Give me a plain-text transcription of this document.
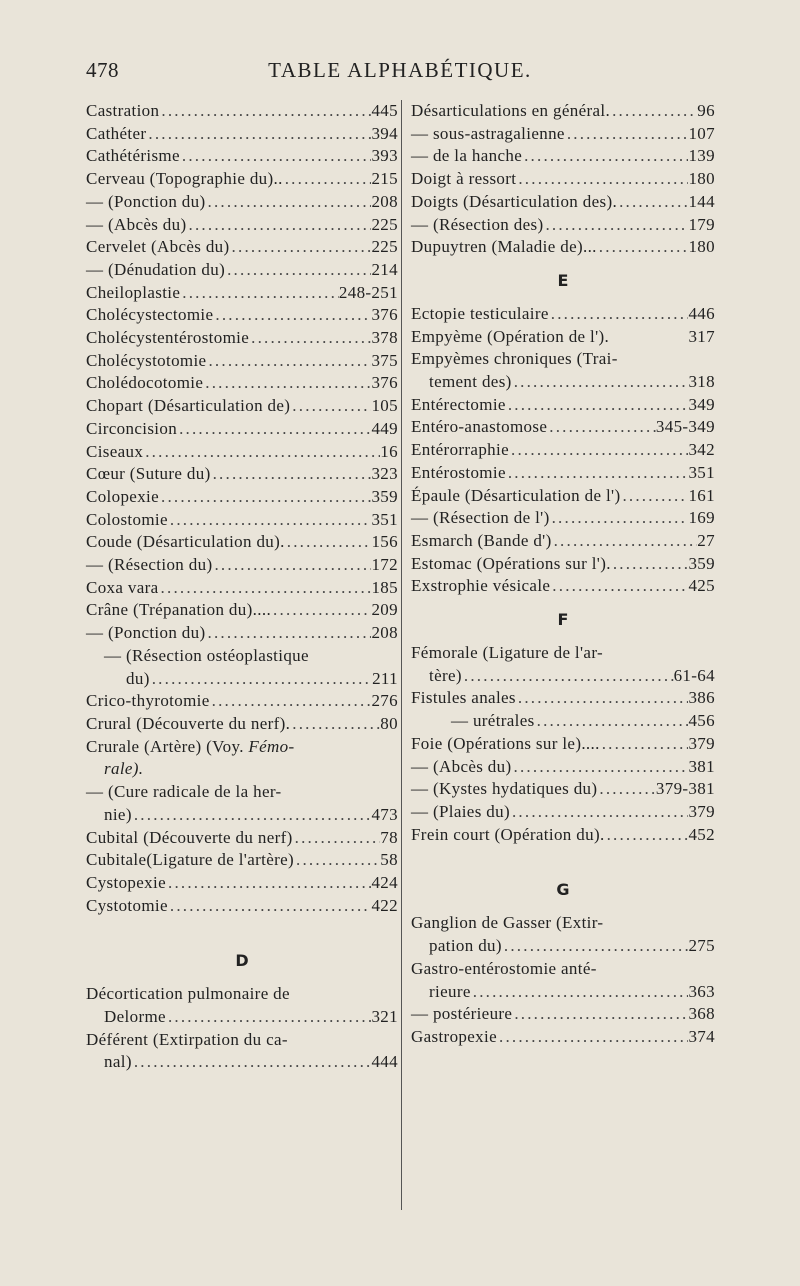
478	TABLE ALPHABÉTIQUE.
Castration .....	445
Cathéter .....	394
Cathétérisme .....	393
Cerveau (Topographie du).. .....	215
— (Ponction du) .....	208
— (Abcès du) .....	225
Cervelet (Abcès du) .....	225
— (Dénudation du) .....	214
Cheiloplastie .....	248-251
Cholécystectomie .....	376
Cholécystentérostomie .....	378
Cholécystotomie .....	375
Cholédocotomie .....	376
Chopart (Désarticulation de) .....	105
Circoncision .....	449
Ciseaux .....	16
Cœur (Suture du) .....	323
Colopexie .....	359
Colostomie .....	351
Coude (Désarticulation du). .....	156
— (Résection du) .....	172
Coxa vara .....	185
Crâne (Trépanation du).... .....	209
— (Ponction du) .....	208
— (Résection ostéoplastique
du) .....	211
Crico-thyrotomie .....	276
Crural (Découverte du nerf). .....	80
Crurale (Artère) (Voy. Fémo-
rale).
— (Cure radicale de la her-
nie) .....	473
Cubital (Découverte du nerf) .....	78
Cubitale(Ligature de l'artère) .....	58
Cystopexie .....	424
Cystotomie .....	422
D
Décortication pulmonaire de
Delorme .....	321
Déférent (Extirpation du ca-
nal) .....	444
Désarticulations en général. .....	96
— sous-astragalienne .....	107
— de la hanche .....	139
Doigt à ressort .....	180
Doigts (Désarticulation des). .....	144
— (Résection des) .....	179
Dupuytren (Maladie de)... .....	180
E
Ectopie testiculaire .....	446
Empyème (Opération de l').	317
Empyèmes chroniques (Trai-
tement des) .....	318
Entérectomie .....	349
Entéro-anastomose .....	345-349
Entérorraphie .....	342
Entérostomie .....	351
Épaule (Désarticulation de l') .....	161
— (Résection de l') .....	169
Esmarch (Bande d') .....	27
Estomac (Opérations sur l'). .....	359
Exstrophie vésicale .....	425
F
Fémorale (Ligature de l'ar-
tère) .....	61-64
Fistules anales .....	386
— urétrales .....	456
Foie (Opérations sur le).... .....	379
— (Abcès du) .....	381
— (Kystes hydatiques du) .....	379-381
— (Plaies du) .....	379
Frein court (Opération du). .....	452
G
Ganglion de Gasser (Extir-
pation du) .....	275
Gastro-entérostomie anté-
rieure .....	363
— postérieure .....	368
Gastropexie .....	374
